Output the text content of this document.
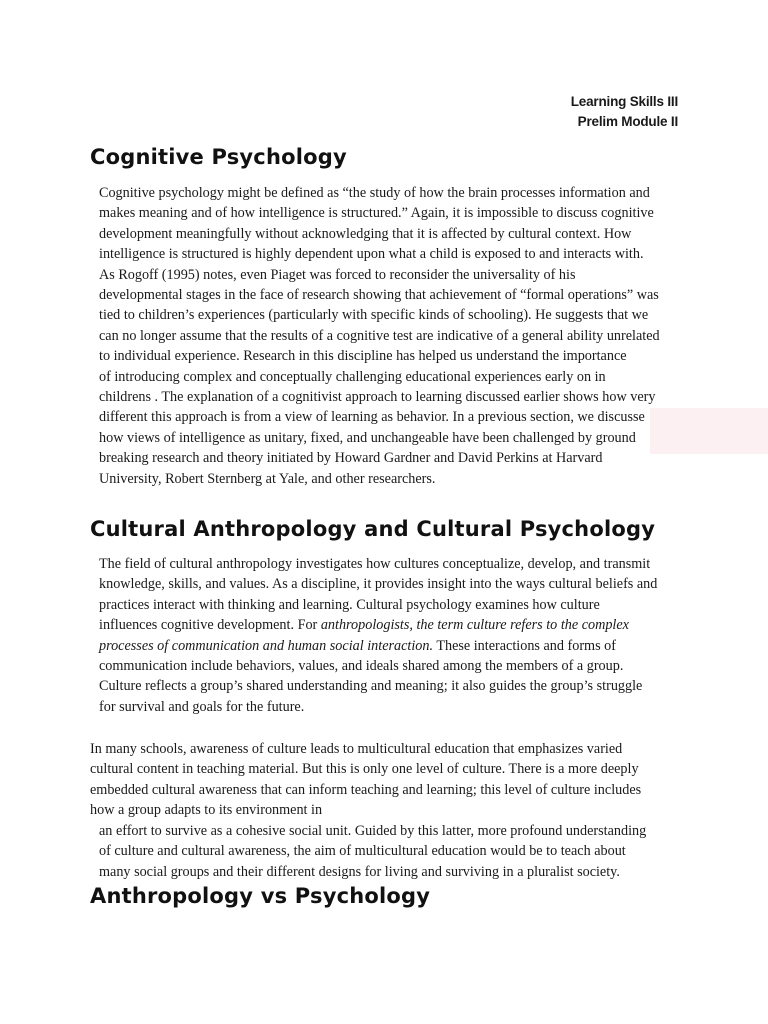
Learning Skills III
Prelim Module II
Cognitive Psychology
Cognitive psychology might be defined as “the study of how the brain processes information and
makes meaning and of how intelligence is structured.” Again, it is impossible to discuss cognitive
development meaningfully without acknowledging that it is affected by cultural context. How
intelligence is structured is highly dependent upon what a child is exposed to and interacts with.
As Rogoff (1995) notes, even Piaget was forced to reconsider the universality of his
developmental stages in the face of research showing that achievement of “formal operations” was
tied to children’s experiences (particularly with specific kinds of schooling). He suggests that we
can no longer assume that the results of a cognitive test are indicative of a general ability unrelated
to individual experience. Research in this discipline has helped us understand the importance
of introducing complex and conceptually challenging educational experiences early on in
childrens . The explanation of a cognitivist approach to learning discussed earlier shows how very
different this approach is from a view of learning as behavior. In a previous section, we discusse
how views of intelligence as unitary, fixed, and unchangeable have been challenged by ground
breaking research and theory initiated by Howard Gardner and David Perkins at Harvard
University, Robert Sternberg at Yale, and other researchers.
Cultural Anthropology and Cultural Psychology
The field of cultural anthropology investigates how cultures conceptualize, develop, and transmit
knowledge, skills, and values. As a discipline, it provides insight into the ways cultural beliefs and
practices interact with thinking and learning. Cultural psychology examines how culture
influences cognitive development. For anthropologists, the term culture refers to the complex
processes of communication and human social interaction. These interactions and forms of
communication include behaviors, values, and ideals shared among the members of a group.
Culture reflects a group’s shared understanding and meaning; it also guides the group’s struggle
for survival and goals for the future.
In many schools, awareness of culture leads to multicultural education that emphasizes varied
cultural content in teaching material. But this is only one level of culture. There is a more deeply
embedded cultural awareness that can inform teaching and learning; this level of culture includes
how a group adapts to its environment in
an effort to survive as a cohesive social unit. Guided by this latter, more profound understanding
of culture and cultural awareness, the aim of multicultural education would be to teach about
many social groups and their different designs for living and surviving in a pluralist society.
Anthropology vs Psychology
